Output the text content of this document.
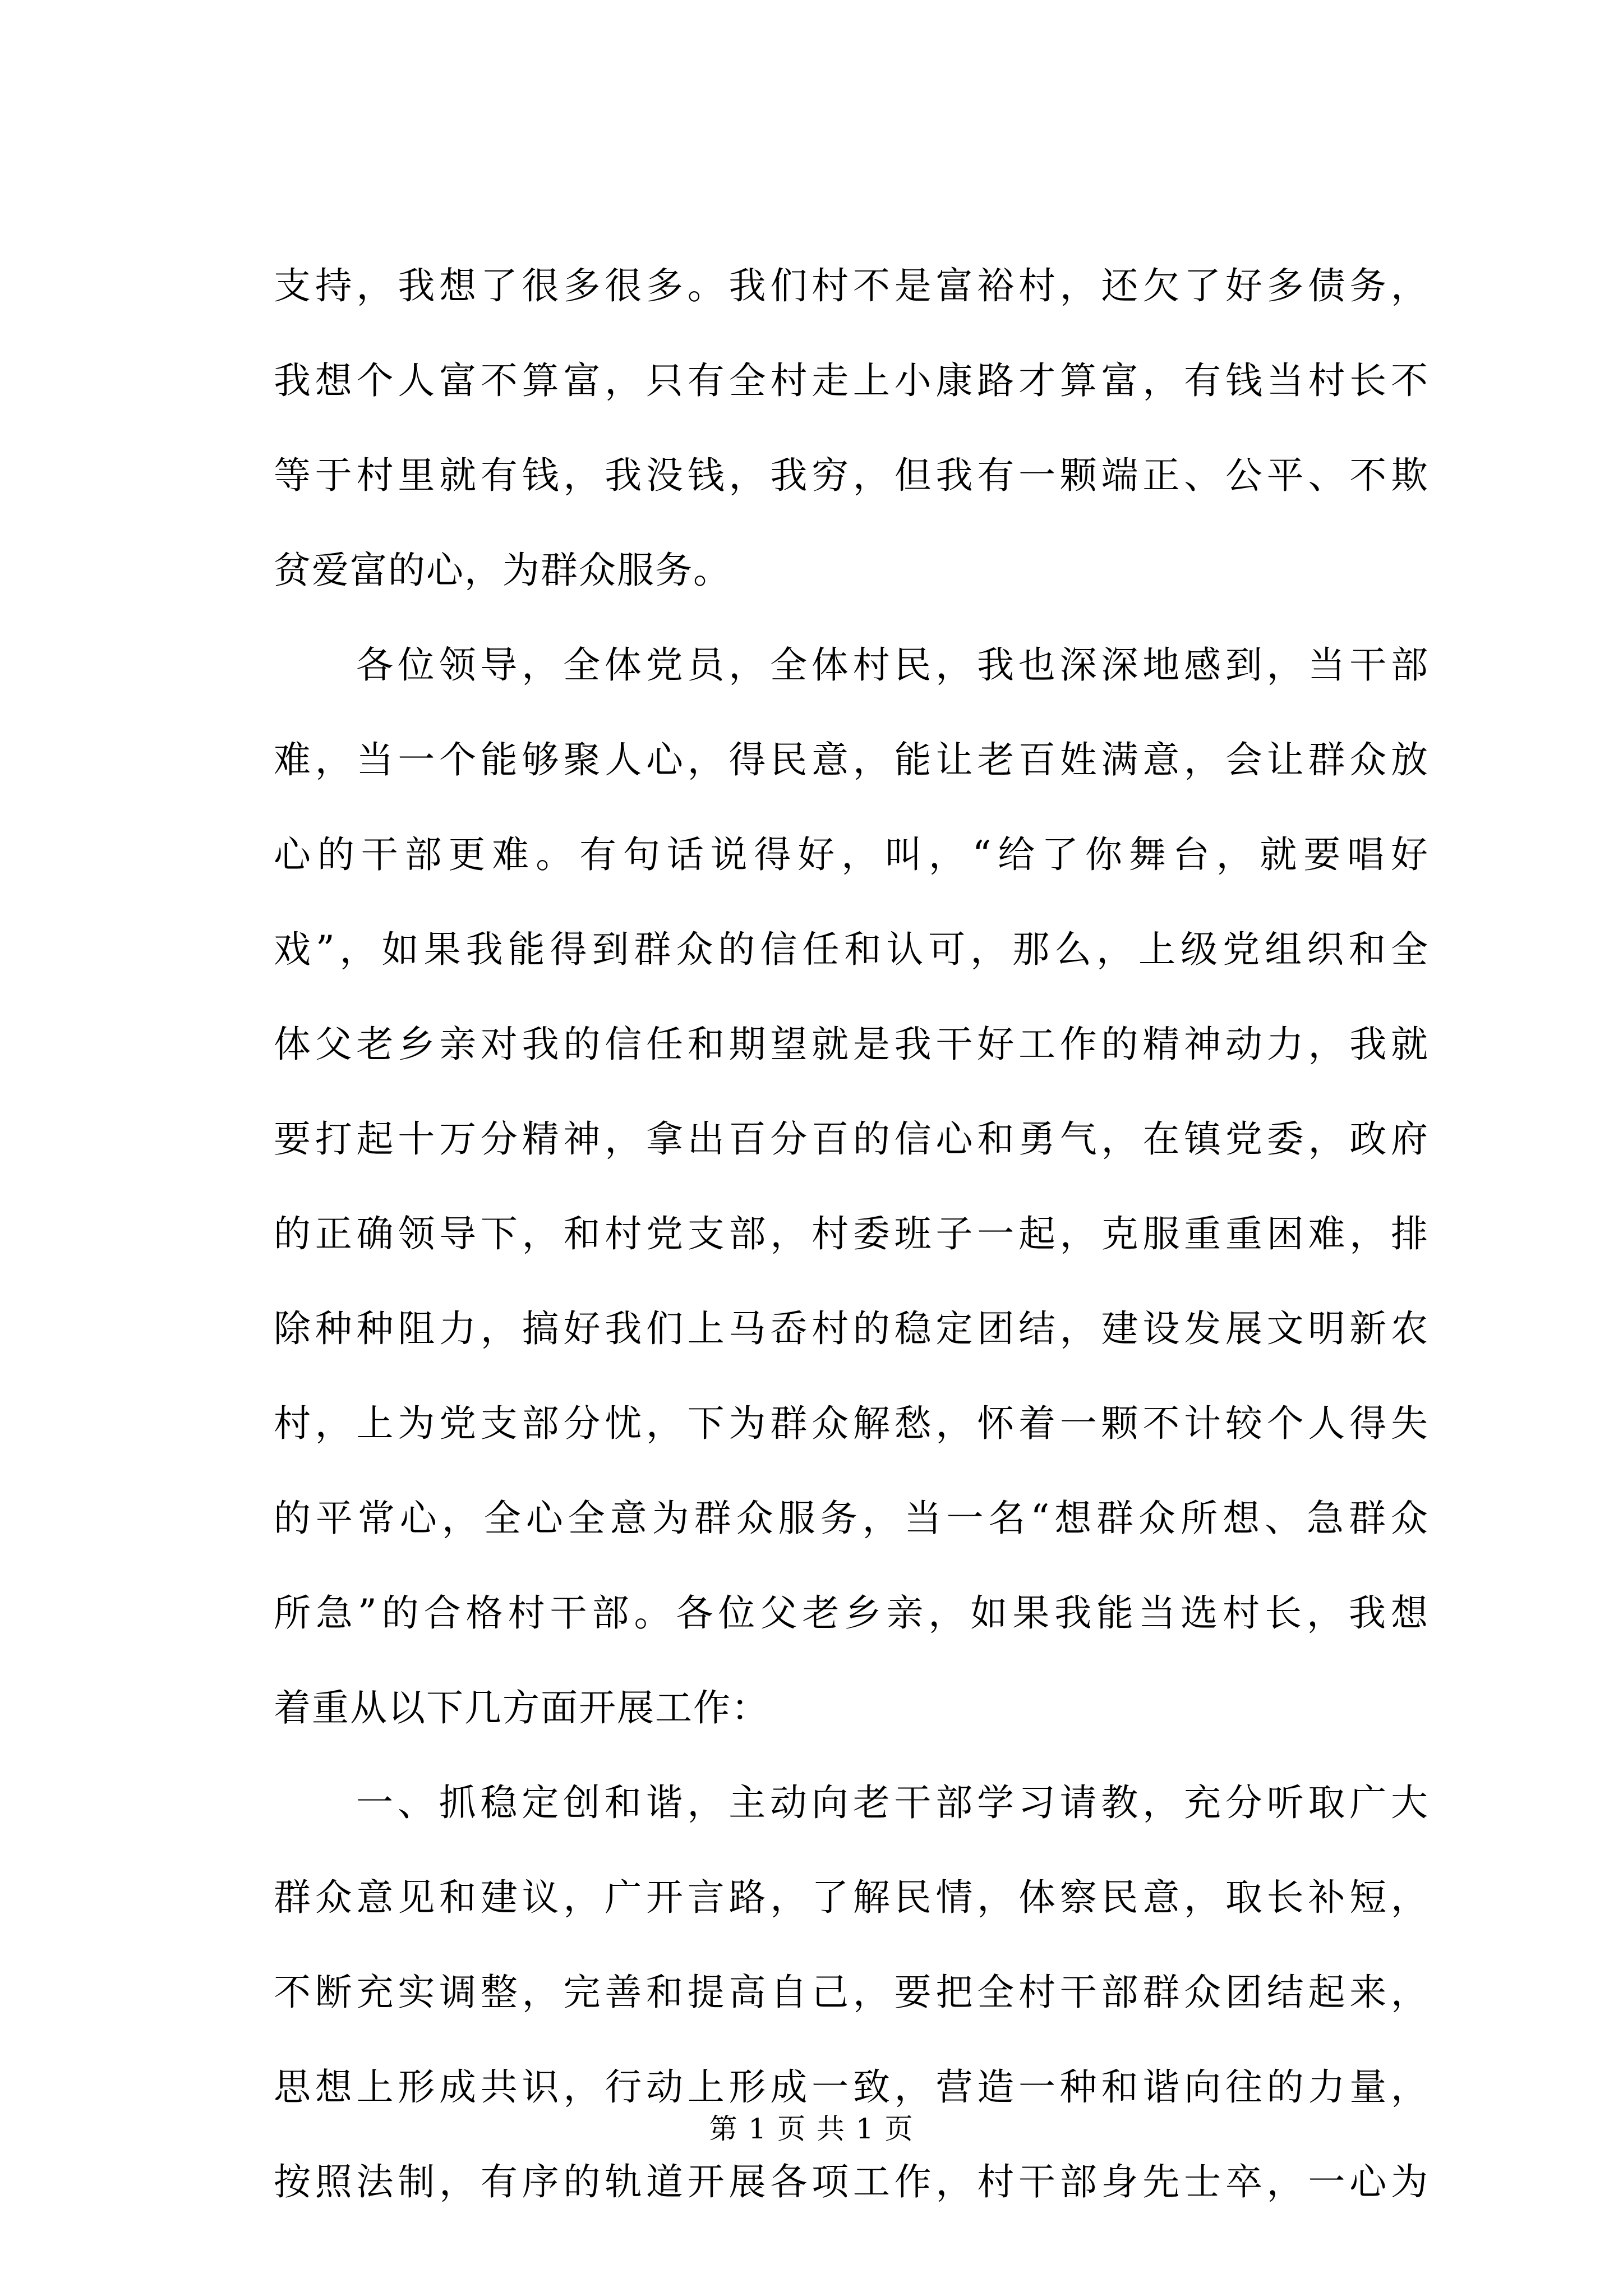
支持，我想了很多很多。我们村不是富裕村，还欠了好多债务，
我想个人富不算富，只有全村走上小康路才算富，有钱当村长不
等于村里就有钱，我没钱，我穷，但我有一颗端正、公平、不欺
贫爱富的心，为群众服务。
各位领导，全体党员，全体村民，我也深深地感到，当干部
难，当一个能够聚人心，得民意，能让老百姓满意，会让群众放
心的干部更难。有句话说得好，叫，“给了你舞台，就要唱好
戏”，如果我能得到群众的信任和认可，那么，上级党组织和全
体父老乡亲对我的信任和期望就是我干好工作的精神动力，我就
要打起十万分精神，拿出百分百的信心和勇气，在镇党委，政府
的正确领导下，和村党支部，村委班子一起，克服重重困难，排
除种种阻力，搞好我们上马岙村的稳定团结，建设发展文明新农
村，上为党支部分忧，下为群众解愁，怀着一颗不计较个人得失
的平常心，全心全意为群众服务，当一名“想群众所想、急群众
所急”的合格村干部。各位父老乡亲，如果我能当选村长，我想
着重从以下几方面开展工作：
一、抓稳定创和谐，主动向老干部学习请教，充分听取广大
群众意见和建议，广开言路，了解民情，体察民意，取长补短，
不断充实调整，完善和提高自己，要把全村干部群众团结起来，
思想上形成共识，行动上形成一致，营造一种和谐向往的力量，
按照法制，有序的轨道开展各项工作，村干部身先士卒，一心为
第 1 页 共 1 页
